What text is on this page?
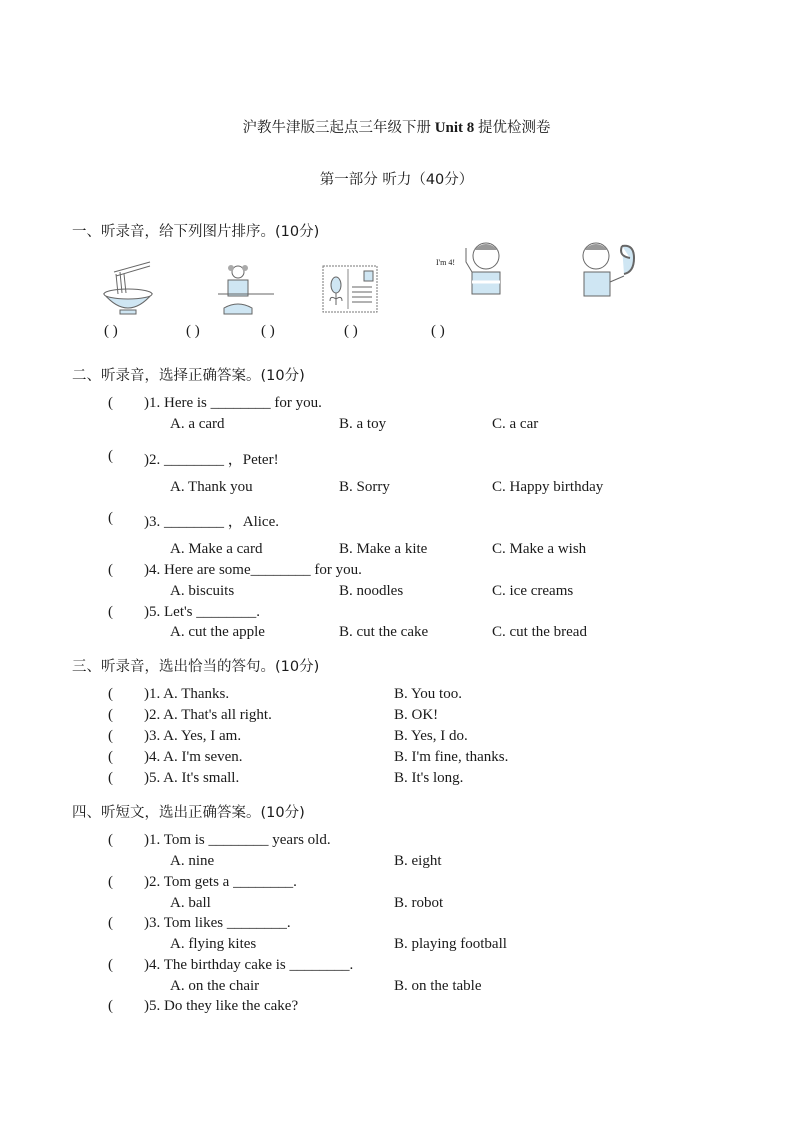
沪教牛津版三起点三年级下册 Unit 8 提优检测卷
第一部分 听力（40分）
一、听录音，给下列图片排序。(10分)
I'm 4!
( )	( )	( )	( )	( )
二、听录音，选择正确答案。(10分)
( )1. Here is ________ for you.
A. a card	B. a toy	C. a car
( )2. ________ ，Peter!
A. Thank you	B. Sorry	C. Happy birthday
( )3. ________ ，Alice.
A. Make a card	B. Make a kite	C. Make a wish
( )4. Here are some________ for you.
A. biscuits	B. noodles	C. ice creams
( )5. Let's ________.
A. cut the apple	B. cut the cake	C. cut the bread
三、听录音，选出恰当的答句。(10分)
( )1. A. Thanks.	B. You too.
( )2. A. That's all right.	B. OK!
( )3. A. Yes, I am.	B. Yes, I do.
( )4. A. I'm seven.	B. I'm fine, thanks.
( )5. A. It's small.	B. It's long.
四、听短文，选出正确答案。(10分)
( )1. Tom is ________ years old.
A. nine	B. eight
( )2. Tom gets a ________.
A. ball	B. robot
( )3. Tom likes ________.
A. flying kites	B. playing football
( )4. The birthday cake is ________.
A. on the chair	B. on the table
( )5. Do they like the cake?
